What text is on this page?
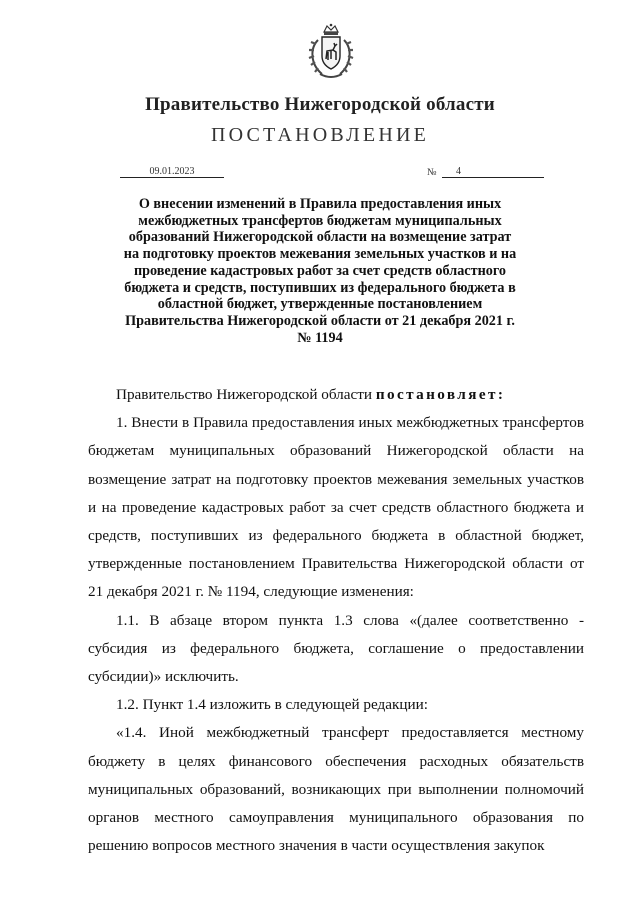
Правительство Нижегородской области
ПОСТАНОВЛЕНИЕ
09.01.2023	№	4
О внесении изменений в Правила предоставления иных межбюджетных трансфертов бюджетам муниципальных образований Нижегородской области на возмещение затрат на подготовку проектов межевания земельных участков и на проведение кадастровых работ за счет средств областного бюджета и средств, поступивших из федерального бюджета в областной бюджет, утвержденные постановлением Правительства Нижегородской области от 21 декабря 2021 г. № 1194

Правительство Нижегородской области постановляет:

1. Внести в Правила предоставления иных межбюджетных трансфертов бюджетам муниципальных образований Нижегородской области на возмещение затрат на подготовку проектов межевания земельных участков и на проведение кадастровых работ за счет средств областного бюджета и средств, поступивших из федерального бюджета в областной бюджет, утвержденные постановлением Правительства Нижегородской области от 21 декабря 2021 г. № 1194, следующие изменения:

1.1. В абзаце втором пункта 1.3 слова «(далее соответственно - субсидия из федерального бюджета, соглашение о предоставлении субсидии)» исключить.

1.2. Пункт 1.4 изложить в следующей редакции:

«1.4. Иной межбюджетный трансферт предоставляется местному бюджету в целях финансового обеспечения расходных обязательств муниципальных образований, возникающих при выполнении полномочий органов местного самоуправления муниципального образования по решению вопросов местного значения в части осуществления закупок
